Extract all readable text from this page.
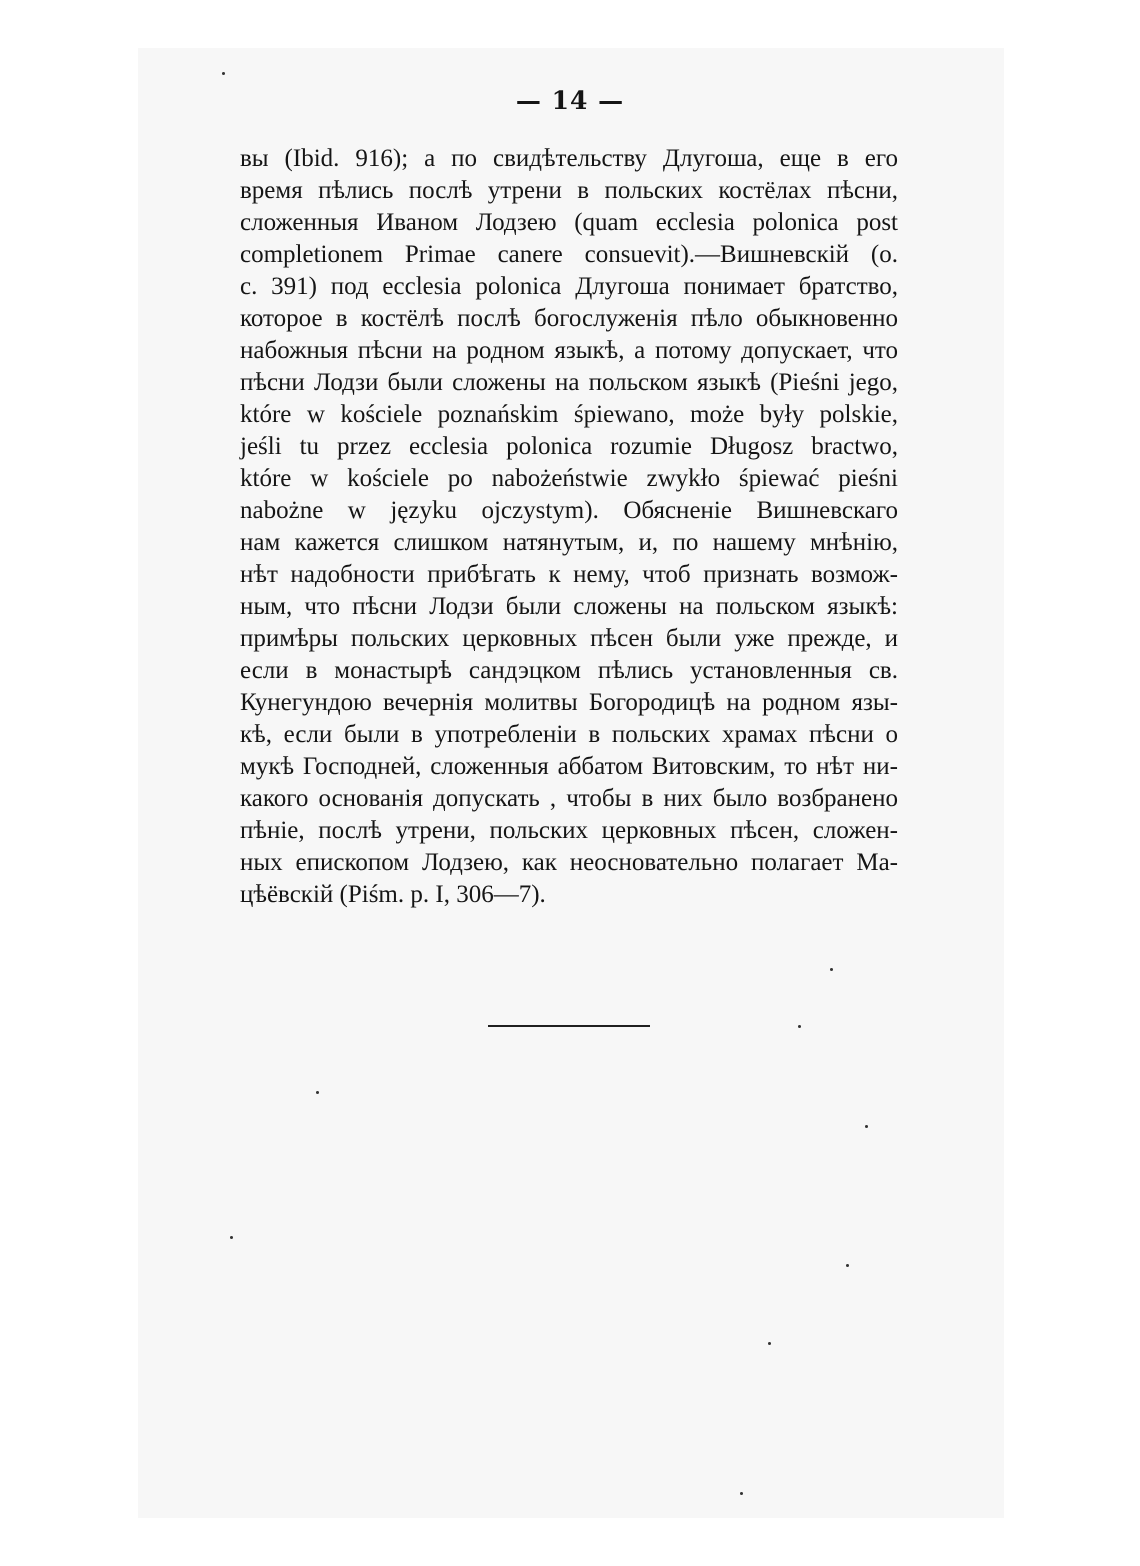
— 14 —
вы (Ibid. 916); а по свидѣтельству Длугоша, еще в его
время пѣлись послѣ утрени в польских костёлах пѣсни,
сложенныя Иваном Лодзею (quam ecclesia polonica post
completionem Primae canere consuevit).—Вишневскій (о.
с. 391) под ecclesia polonica Длугоша понимает братство,
которое в костёлѣ послѣ богослуженія пѣло обыкновенно
набожныя пѣсни на родном языкѣ, а потому допускает, что
пѣсни Лодзи были сложены на польском языкѣ (Pieśni jego,
które w kościele poznańskim śpiewano, może były polskie,
jeśli tu przez ecclesia polonica rozumie Długosz bractwo,
które w kościele po nabożeństwie zwykło śpiewać pieśni
nabożne w języku ojczystym). Обясненіе Вишневскаго
нам кажется слишком натянутым, и, по нашему мнѣнію,
нѣт надобности прибѣгать к нему, чтоб признать возмож-
ным, что пѣсни Лодзи были сложены на польском языкѣ:
примѣры польских церковных пѣсен были уже прежде, и
если в монастырѣ сандэцком пѣлись установленныя св.
Кунегундою вечернія молитвы Богородицѣ на родном язы-
кѣ, если были в употребленіи в польских храмах пѣсни о
мукѣ Господней, сложенныя аббатом Витовским, то нѣт ни-
какого основанія допускать , чтобы в них было возбранено
пѣніе, послѣ утрени, польских церковных пѣсен, сложен-
ных епископом Лодзею, как неосновательно полагает Ма-
цѣёвскій (Piśm. p. I, 306—7).
